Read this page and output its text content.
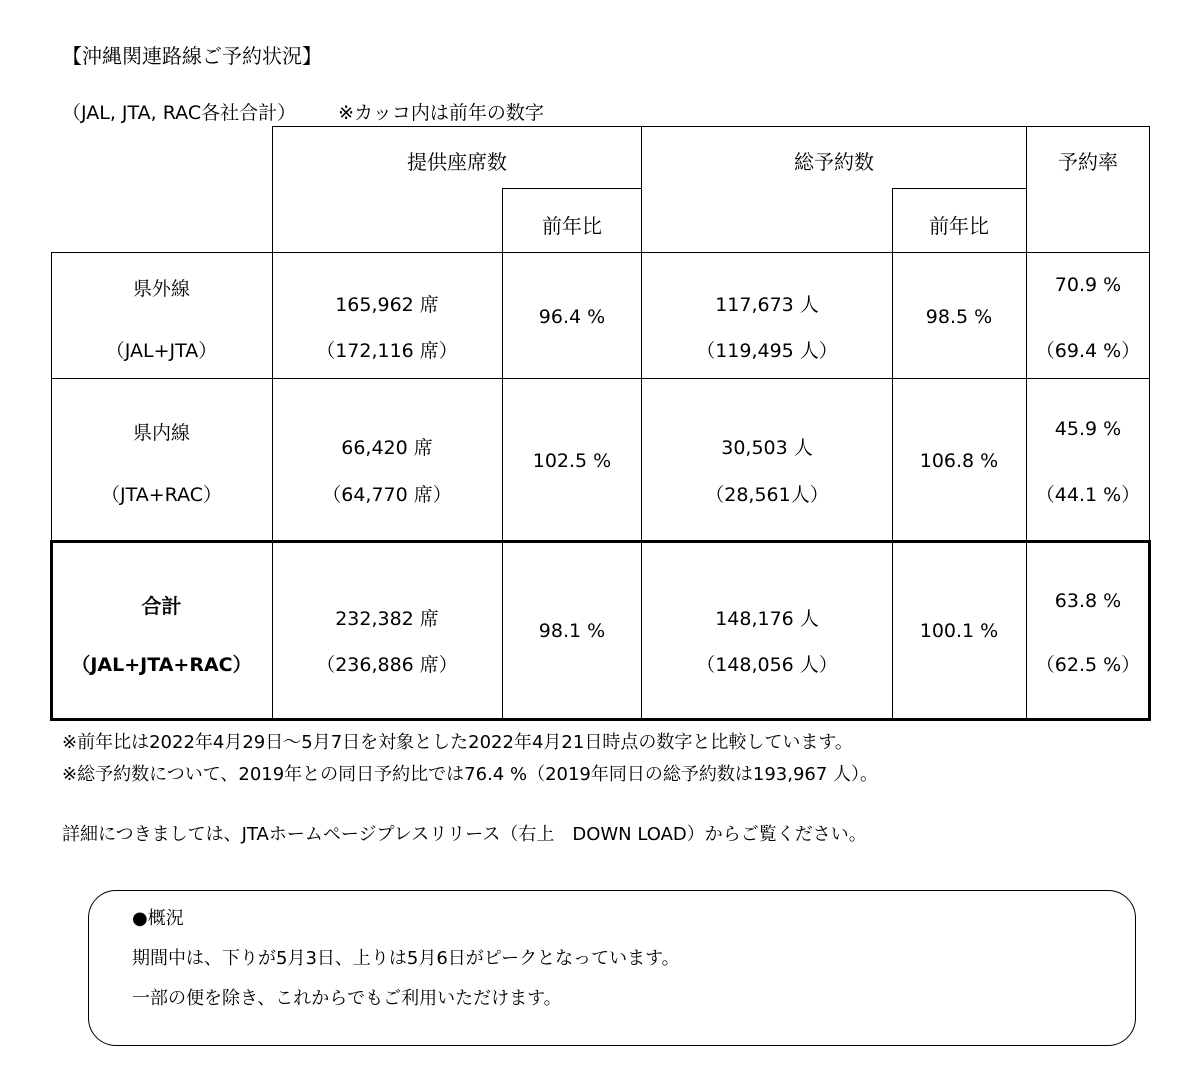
【沖縄関連路線ご予約状況】
（JAL, JTA, RAC各社合計） ※カッコ内は前年の数字
提供座席数
前年比
総予約数
前年比
予約率
県外線
（JAL+JTA）
165,962 席
（172,116 席）
96.4 %
117,673 人
（119,495 人）
98.5 %
70.9 %
（69.4 %）
県内線
（JTA+RAC）
66,420 席
（64,770 席）
102.5 %
30,503 人
（28,561人）
106.8 %
45.9 %
（44.1 %）
合計
（JAL+JTA+RAC）
232,382 席
（236,886 席）
98.1 %
148,176 人
（148,056 人）
100.1 %
63.8 %
（62.5 %）
※前年比は2022年4月29日～5月7日を対象とした2022年4月21日時点の数字と比較しています。
※総予約数について、2019年との同日予約比では76.4 %（2019年同日の総予約数は193,967 人）。
詳細につきましては、JTAホームページプレスリリース（右上　DOWN LOAD）からご覧ください。
●概況
期間中は、下りが5月3日、上りは5月6日がピークとなっています。
一部の便を除き、これからでもご利用いただけます。
